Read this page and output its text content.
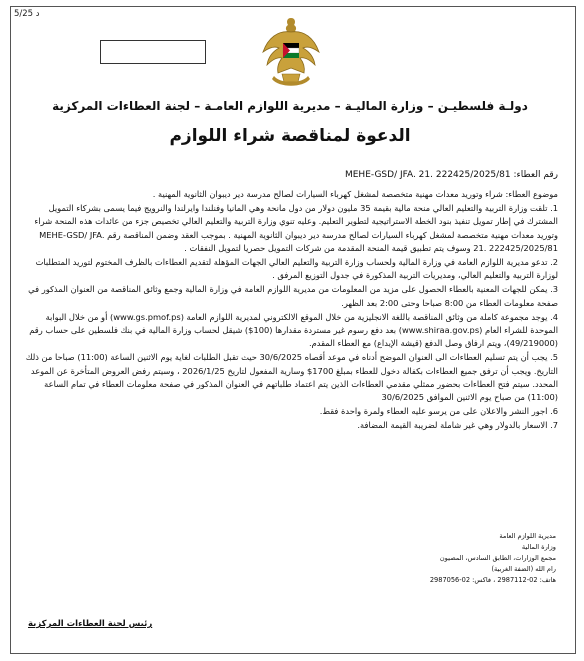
5/25 د
دولـة فلسطيـن – وزارة الماليـة – مديرية اللوازم العامـة – لجنة العطاءات المركزية
الدعوة لمناقصة شراء اللوازم
رقم العطاء: MEHE-GSD/ JFA. 21. 222425/2025/81
موضوع العطاء: شراء وتوريد معدات مهنية متخصصة لمشغل كهرباء السيارات لصالح مدرسة دير ديبوان الثانوية المهنية .
1. تلقت وزارة التربية والتعليم العالي منحة مالية بقيمة 35 مليون دولار من دول مانحة وهي المانيا وفنلندا وايرلندا والنرويج فيما يسمى بشركاء التمويل المشترك في إطار تمويل تنفيذ بنود الخطة الاستراتيجية لتطوير التعليم. وعليه تنوي وزارة التربية والتعليم العالي تخصيص جزء من عائدات هذه المنحة شراء وتوريد معدات مهنية متخصصة لمشغل كهرباء السيارات لصالح مدرسة دير ديبوان الثانوية المهنية . بموجب العقد وضمن المناقصة رقم MEHE-GSD/ JFA. 21. 222425/2025/81 وسوف يتم تطبيق قيمة المنحة المقدمة من شركات التمويل حصريا لتمويل النفقات .
2. تدعو مديرية اللوازم العامة في وزارة المالية ولحساب وزارة التربية والتعليم العالي الجهات المؤهلة لتقديم العطاءات بالظرف المختوم لتوريد المتطلبات لوزارة التربية والتعليم العالي، ومديريات التربية المذكورة في جدول التوزيع المرفق .
3. يمكن للجهات المعنية بالعطاء الحصول على مزيد من المعلومات من مديرية اللوازم العامة في وزارة المالية وجمع وثائق المناقصة من العنوان المذكور في صفحة معلومات العطاء من 8:00 صباحا وحتى 2:00 بعد الظهر.
4. يوجد مجموعة كاملة من وثائق المناقصة باللغة الانجليزية من خلال الموقع الالكتروني لمديرية اللوازم العامة (www.gs.pmof.ps) أو من خلال البوابة الموحدة للشراء العام (www.shiraa.gov.ps) بعد دفع رسوم غير مستردة مقدارها (100$) شيقل لحساب وزارة المالية في بنك فلسطين على حساب رقم (49/219000)، ويتم ارفاق وصل الدفع (قيشة الإيداع) مع العطاء المقدم.
5. يجب أن يتم تسليم العطاءات الى العنوان الموضح أدناه في موعد أقصاه 30/6/2025 حيث تقبل الطلبات لغاية يوم الاثنين الساعة (11:00) صباحا من ذلك التاريخ. ويجب أن ترفق جميع العطاءات بكفالة دخول للعطاء بمبلغ 1700$ وسارية المفعول لتاريخ 2026/1/25 ، وسيتم رفض العروض المتأخرة عن الموعد المحدد. سيتم فتح العطاءات بحضور ممثلي مقدمي العطاءات الذين يتم اعتماد طلباتهم في العنوان المذكور في صفحة معلومات العطاء في تمام الساعة (11:00) من صباح يوم الاثنين الموافق 30/6/2025
6. اجور النشر والاعلان على من يرسو عليه العطاء ولمرة واحدة فقط.
7. الاسعار بالدولار وهي غير شاملة لضريبة القيمة المضافة.
مديرية اللوازم العامة
وزارة المالية
مجمع الوزارات، الطابق السادس، المصيون
رام الله (الضفة الغربية)
هاتف: 02-2987112 ، فاكس: 02-2987056
رئيس لجنة العطاءات المركزية
